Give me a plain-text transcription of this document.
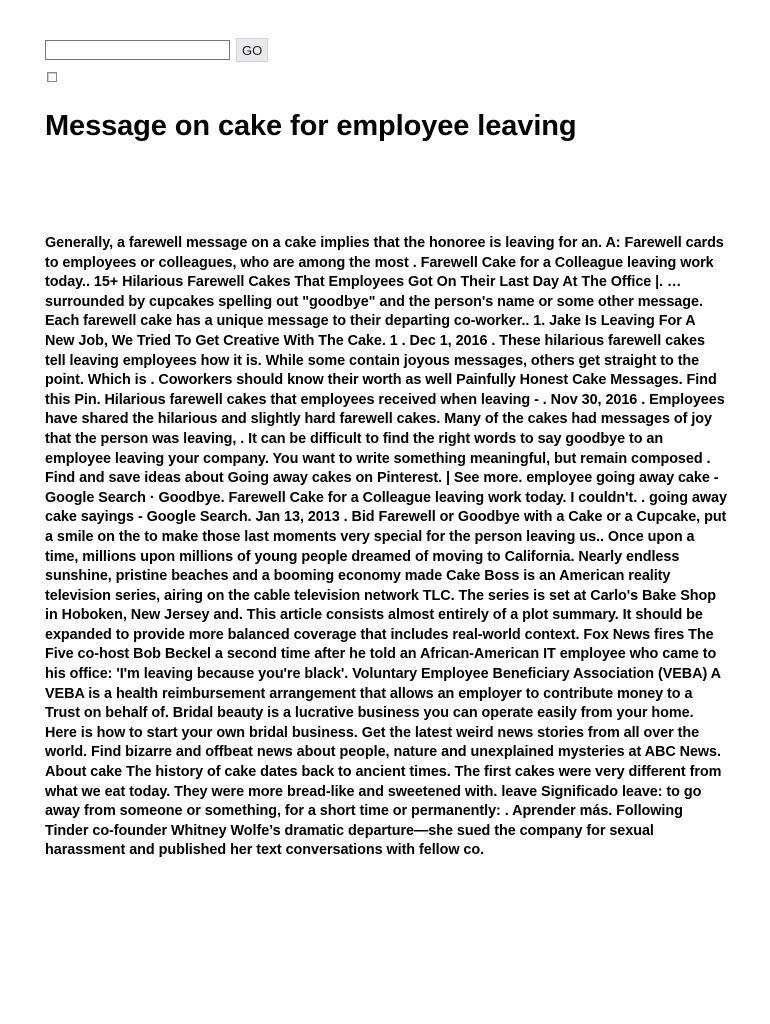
GO
Message on cake for employee leaving

Generally, a farewell message on a cake implies that the honoree is leaving for an. A: Farewell cards to employees or colleagues, who are among the most . Farewell Cake for a Colleague leaving work today.. 15+ Hilarious Farewell Cakes That Employees Got On Their Last Day At The Office |. … surrounded by cupcakes spelling out "goodbye" and the person's name or some other message. Each farewell cake has a unique message to their departing co-worker.. 1. Jake Is Leaving For A New Job, We Tried To Get Creative With The Cake. 1 . Dec 1, 2016 . These hilarious farewell cakes tell leaving employees how it is. While some contain joyous messages, others get straight to the point. Which is . Coworkers should know their worth as well Painfully Honest Cake Messages. Find this Pin. Hilarious farewell cakes that employees received when leaving - . Nov 30, 2016 . Employees have shared the hilarious and slightly hard farewell cakes. Many of the cakes had messages of joy that the person was leaving, . It can be difficult to find the right words to say goodbye to an employee leaving your company. You want to write something meaningful, but remain composed . Find and save ideas about Going away cakes on Pinterest. | See more. employee going away cake - Google Search · Goodbye. Farewell Cake for a Colleague leaving work today. I couldn't. . going away cake sayings - Google Search. Jan 13, 2013 . Bid Farewell or Goodbye with a Cake or a Cupcake, put a smile on the to make those last moments very special for the person leaving us.. Once upon a time, millions upon millions of young people dreamed of moving to California. Nearly endless sunshine, pristine beaches and a booming economy made Cake Boss is an American reality television series, airing on the cable television network TLC. The series is set at Carlo's Bake Shop in Hoboken, New Jersey and. This article consists almost entirely of a plot summary. It should be expanded to provide more balanced coverage that includes real-world context. Fox News fires The Five co-host Bob Beckel a second time after he told an African-American IT employee who came to his office: 'I'm leaving because you're black'. Voluntary Employee Beneficiary Association (VEBA) A VEBA is a health reimbursement arrangement that allows an employer to contribute money to a Trust on behalf of. Bridal beauty is a lucrative business you can operate easily from your home. Here is how to start your own bridal business. Get the latest weird news stories from all over the world. Find bizarre and offbeat news about people, nature and unexplained mysteries at ABC News. About cake The history of cake dates back to ancient times. The first cakes were very different from what we eat today. They were more bread-like and sweetened with. leave Significado leave: to go away from someone or something, for a short time or permanently: . Aprender más. Following Tinder co-founder Whitney Wolfe’s dramatic departure—she sued the company for sexual harassment and published her text conversations with fellow co.
